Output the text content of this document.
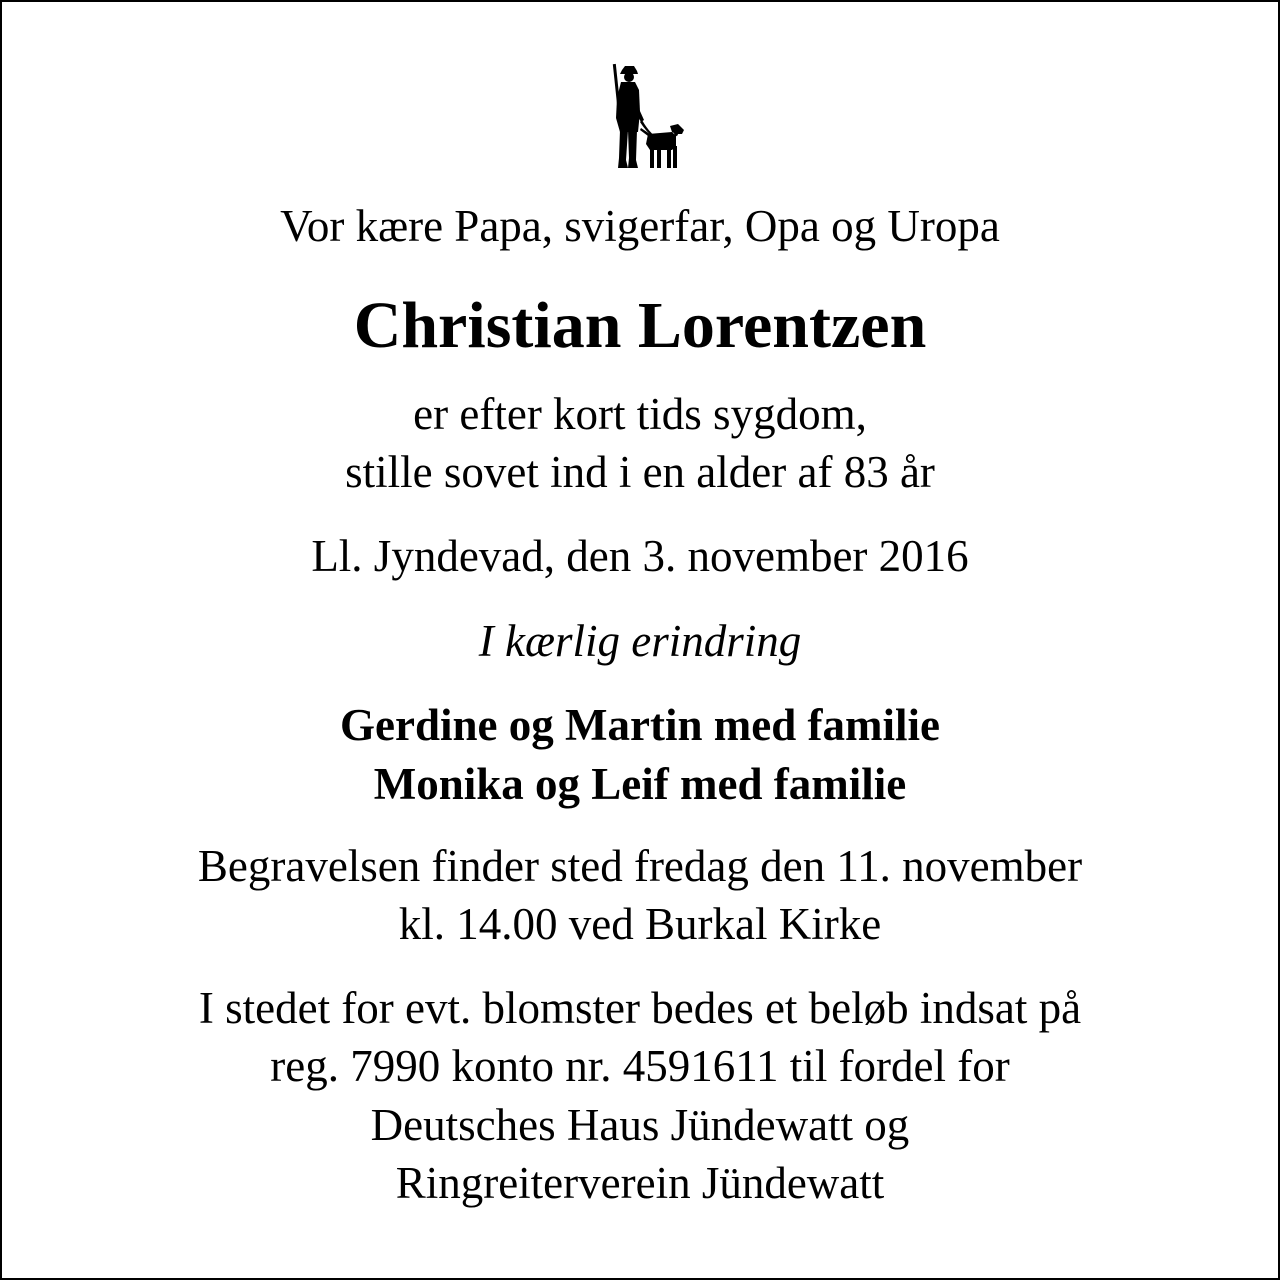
Vor kære Papa, svigerfar, Opa og Uropa
Christian Lorentzen
er efter kort tids sygdom,
stille sovet ind i en alder af 83 år
Ll. Jyndevad, den 3. november 2016
I kærlig erindring
Gerdine og Martin med familie
Monika og Leif med familie
Begravelsen finder sted fredag den 11. november
kl. 14.00 ved Burkal Kirke
I stedet for evt. blomster bedes et beløb indsat på
reg. 7990 konto nr. 4591611 til fordel for
Deutsches Haus Jündewatt og
Ringreiterverein Jündewatt
